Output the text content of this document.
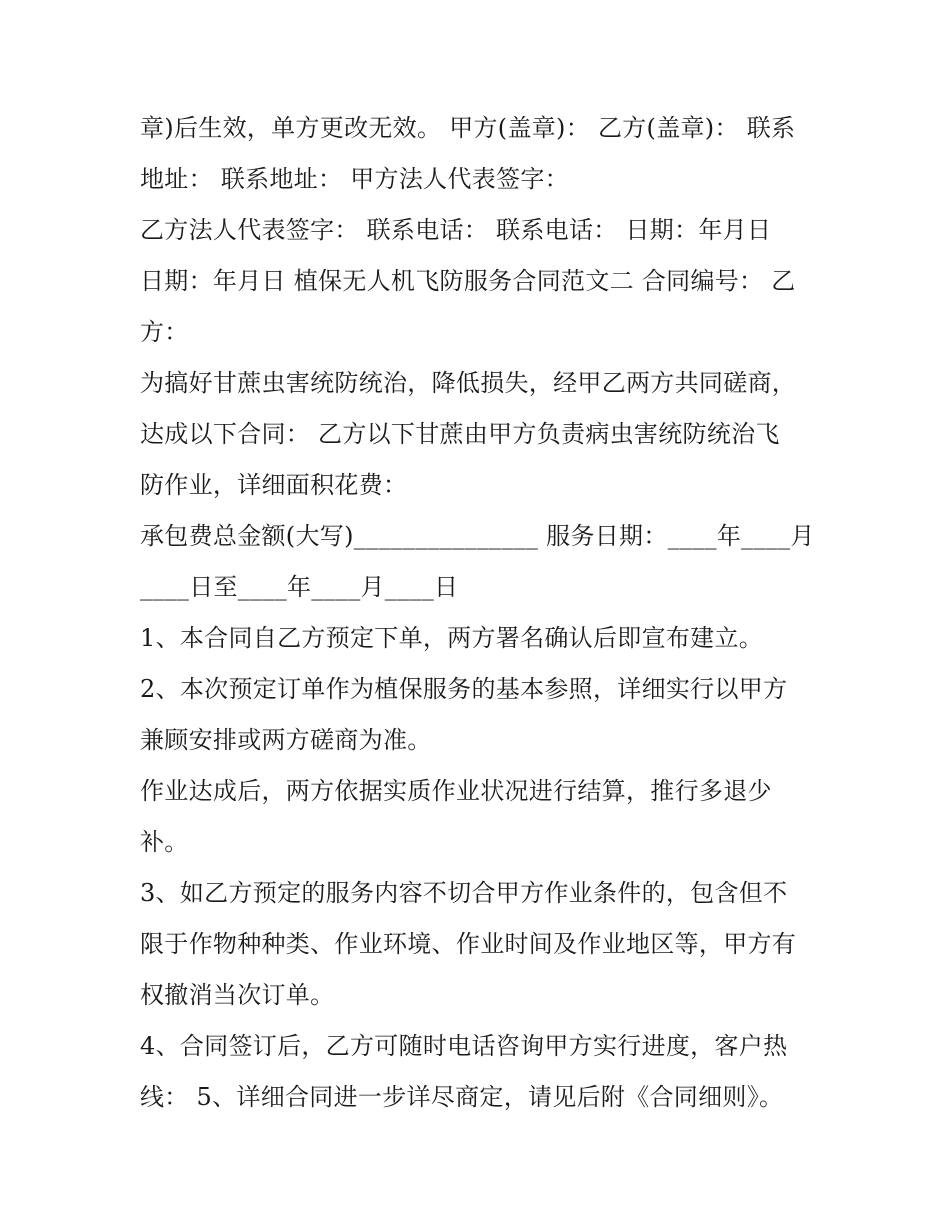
章)后生效，单方更改无效。 甲方(盖章)： 乙方(盖章)： 联系
地址： 联系地址： 甲方法人代表签字：
乙方法人代表签字： 联系电话： 联系电话： 日期：年月日
日期：年月日 植保无人机飞防服务合同范文二 合同编号： 乙
方：
为搞好甘蔗虫害统防统治，降低损失，经甲乙两方共同磋商，
达成以下合同： 乙方以下甘蔗由甲方负责病虫害统防统治飞
防作业，详细面积花费：
承包费总金额(大写)_______________ 服务日期：____年____月
____日至____年____月____日
1、本合同自乙方预定下单，两方署名确认后即宣布建立。
2、本次预定订单作为植保服务的基本参照，详细实行以甲方
兼顾安排或两方磋商为准。
作业达成后，两方依据实质作业状况进行结算，推行多退少
补。
3、如乙方预定的服务内容不切合甲方作业条件的，包含但不
限于作物种种类、作业环境、作业时间及作业地区等，甲方有
权撤消当次订单。
4、合同签订后，乙方可随时电话咨询甲方实行进度，客户热
线： 5、详细合同进一步详尽商定，请见后附《合同细则》。
